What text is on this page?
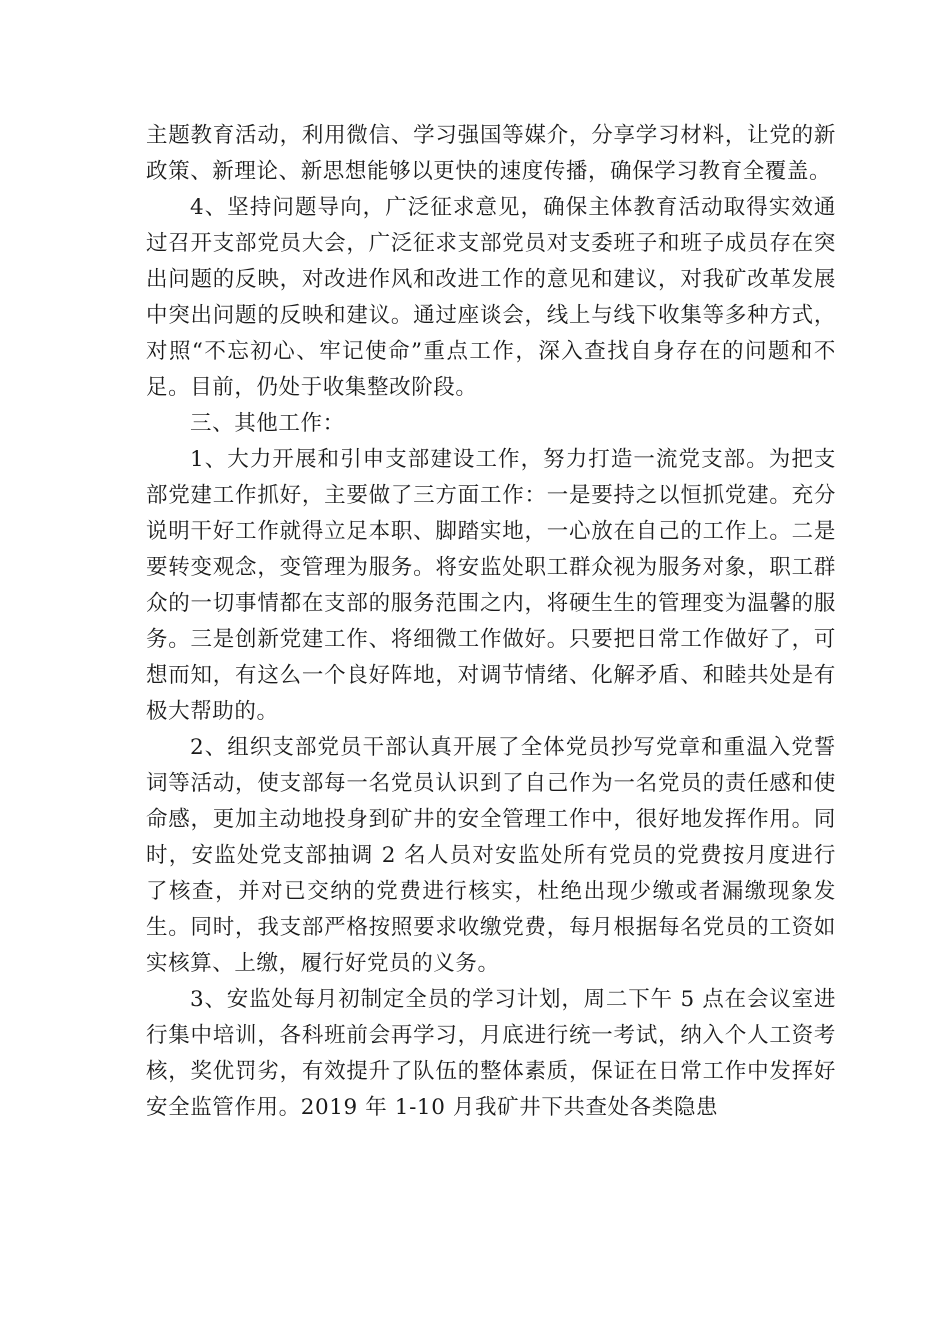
主题教育活动，利用微信、学习强国等媒介，分享学习材料，让党的新政策、新理论、新思想能够以更快的速度传播，确保学习教育全覆盖。

4、坚持问题导向，广泛征求意见，确保主体教育活动取得实效通过召开支部党员大会，广泛征求支部党员对支委班子和班子成员存在突出问题的反映，对改进作风和改进工作的意见和建议，对我矿改革发展中突出问题的反映和建议。通过座谈会，线上与线下收集等多种方式，对照“不忘初心、牢记使命”重点工作，深入查找自身存在的问题和不足。目前，仍处于收集整改阶段。

三、其他工作：

1、大力开展和引申支部建设工作，努力打造一流党支部。为把支部党建工作抓好，主要做了三方面工作：一是要持之以恒抓党建。充分说明干好工作就得立足本职、脚踏实地，一心放在自己的工作上。二是要转变观念，变管理为服务。将安监处职工群众视为服务对象，职工群众的一切事情都在支部的服务范围之内，将硬生生的管理变为温馨的服务。三是创新党建工作、将细微工作做好。只要把日常工作做好了，可想而知，有这么一个良好阵地，对调节情绪、化解矛盾、和睦共处是有极大帮助的。

2、组织支部党员干部认真开展了全体党员抄写党章和重温入党誓词等活动，使支部每一名党员认识到了自己作为一名党员的责任感和使命感，更加主动地投身到矿井的安全管理工作中，很好地发挥作用。同时，安监处党支部抽调 2 名人员对安监处所有党员的党费按月度进行了核查，并对已交纳的党费进行核实，杜绝出现少缴或者漏缴现象发生。同时，我支部严格按照要求收缴党费，每月根据每名党员的工资如实核算、上缴，履行好党员的义务。

3、安监处每月初制定全员的学习计划，周二下午 5 点在会议室进行集中培训，各科班前会再学习，月底进行统一考试，纳入个人工资考核，奖优罚劣，有效提升了队伍的整体素质，保证在日常工作中发挥好安全监管作用。2019 年 1-10 月我矿井下共查处各类隐患
